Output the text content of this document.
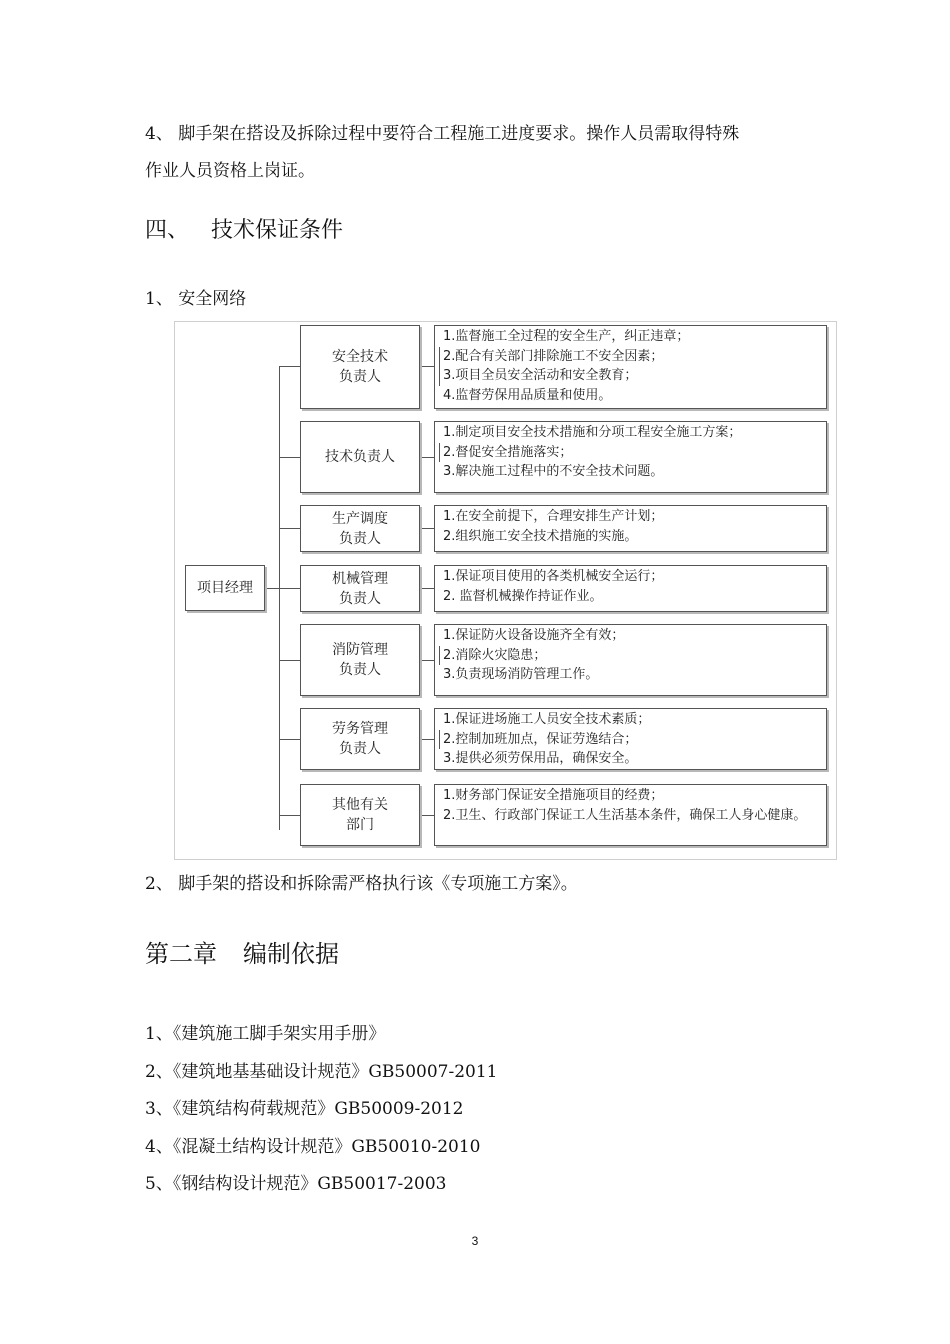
4、 脚手架在搭设及拆除过程中要符合工程施工进度要求。操作人员需取得特殊
作业人员资格上岗证。
四、 技术保证条件
1、 安全网络
项目经理
安全技术
负责人
1.监督施工全过程的安全生产，纠正违章；
2.配合有关部门排除施工不安全因素；
3.项目全员安全活动和安全教育；
4.监督劳保用品质量和使用。
技术负责人
1.制定项目安全技术措施和分项工程安全施工方案；
2.督促安全措施落实；
3.解决施工过程中的不安全技术问题。
生产调度
负责人
1.在安全前提下，合理安排生产计划；
2.组织施工安全技术措施的实施。
机械管理
负责人
1.保证项目使用的各类机械安全运行；
2. 监督机械操作持证作业。
消防管理
负责人
1.保证防火设备设施齐全有效；
2.消除火灾隐患；
3.负责现场消防管理工作。
劳务管理
负责人
1.保证进场施工人员安全技术素质；
2.控制加班加点，保证劳逸结合；
3.提供必须劳保用品，确保安全。
其他有关
部门
1.财务部门保证安全措施项目的经费；
2.卫生、行政部门保证工人生活基本条件，确保工人身心健康。
2、 脚手架的搭设和拆除需严格执行该《专项施工方案》。
第二章 编制依据
1、《建筑施工脚手架实用手册》
2、《建筑地基基础设计规范》GB50007-2011
3、《建筑结构荷载规范》GB50009-2012
4、《混凝土结构设计规范》GB50010-2010
5、《钢结构设计规范》GB50017-2003
3
